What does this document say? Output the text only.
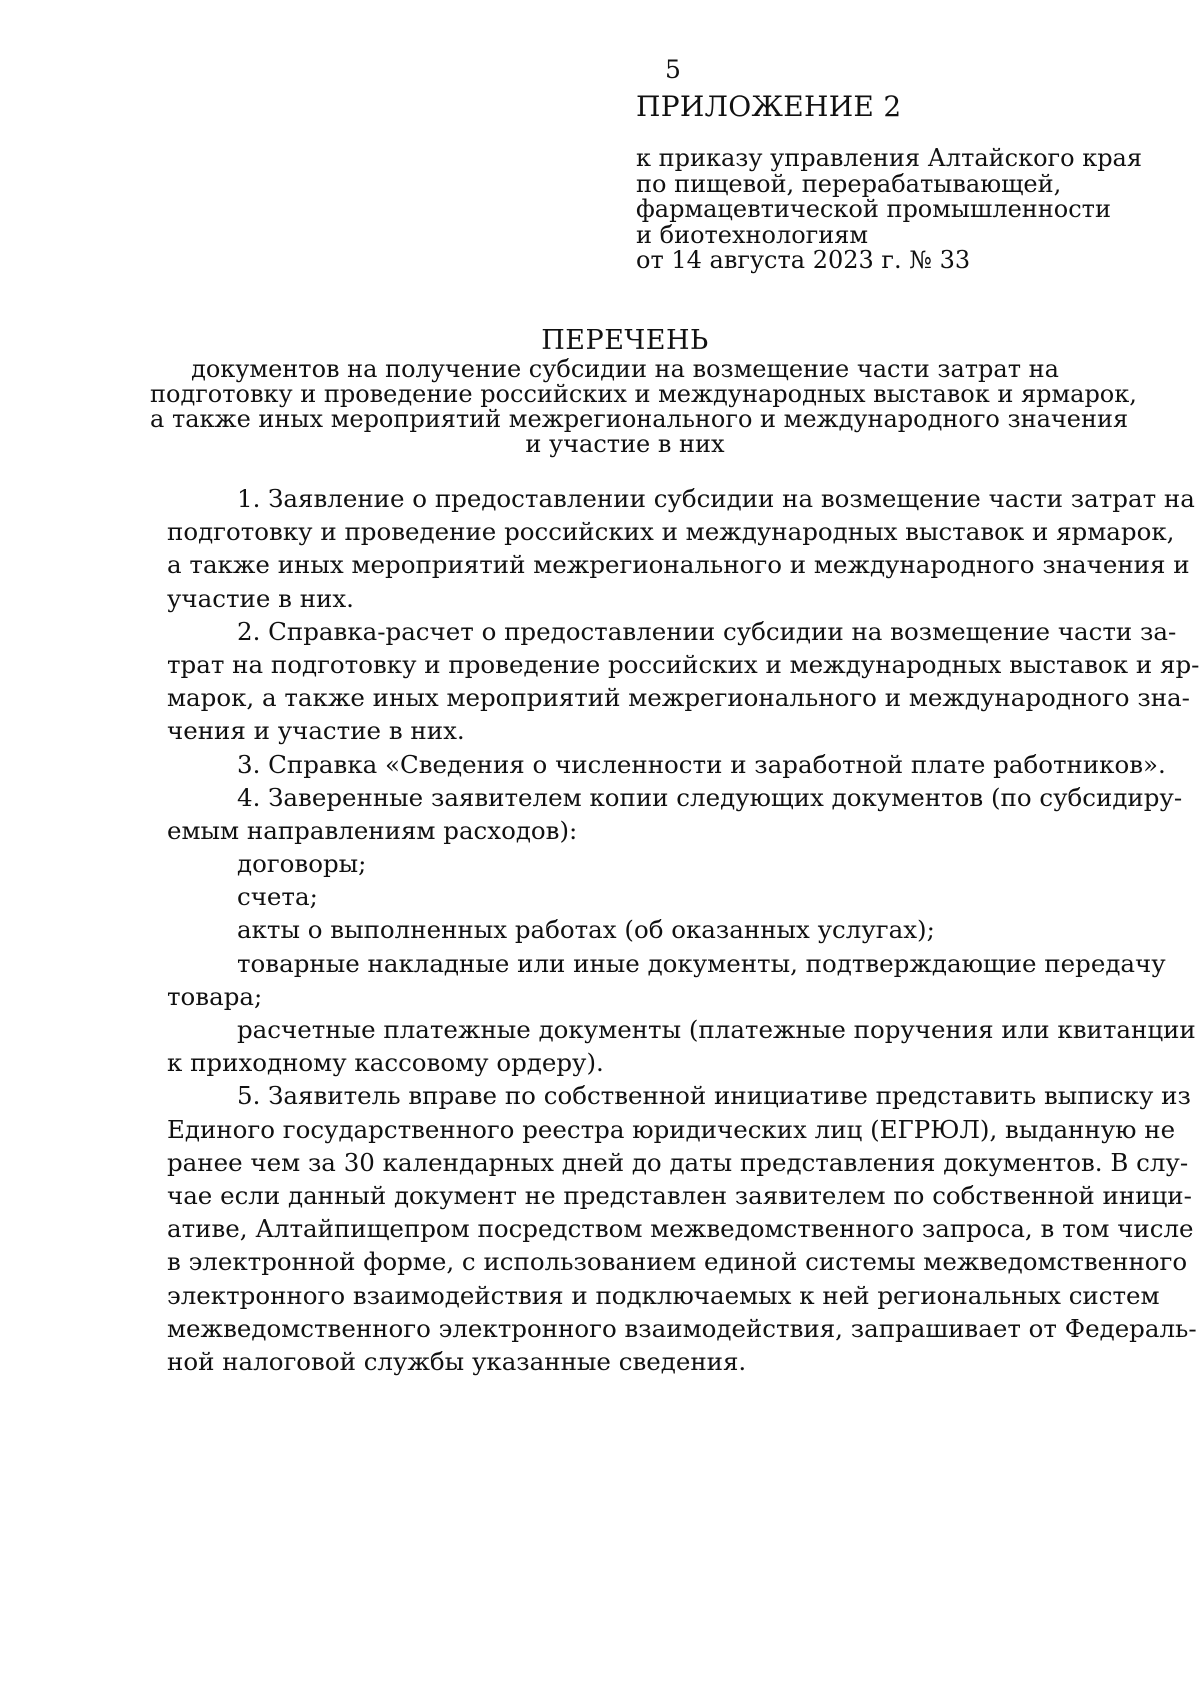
5
ПРИЛОЖЕНИЕ 2
к приказу управления Алтайского края
по пищевой, перерабатывающей,
фармацевтической промышленности
и биотехнологиям
от 14 августа 2023 г. № 33
ПЕРЕЧЕНЬ
документов на получение субсидии на возмещение части затрат на
подготовку и проведение российских и международных выставок и ярмарок,
а также иных мероприятий межрегионального и международного значения
и участие в них
1. Заявление о предоставлении субсидии на возмещение части затрат на
подготовку и проведение российских и международных выставок и ярмарок,
а также иных мероприятий межрегионального и международного значения и
участие в них.
2. Справка-расчет о предоставлении субсидии на возмещение части за-
трат на подготовку и проведение российских и международных выставок и яр-
марок, а также иных мероприятий межрегионального и международного зна-
чения и участие в них.
3. Справка «Сведения о численности и заработной плате работников».
4. Заверенные заявителем копии следующих документов (по субсидиру-
емым направлениям расходов):
договоры;
счета;
акты о выполненных работах (об оказанных услугах);
товарные накладные или иные документы, подтверждающие передачу
товара;
расчетные платежные документы (платежные поручения или квитанции
к приходному кассовому ордеру).
5. Заявитель вправе по собственной инициативе представить выписку из
Единого государственного реестра юридических лиц (ЕГРЮЛ), выданную не
ранее чем за 30 календарных дней до даты представления документов. В слу-
чае если данный документ не представлен заявителем по собственной иници-
ативе, Алтайпищепром посредством межведомственного запроса, в том числе
в электронной форме, с использованием единой системы межведомственного
электронного взаимодействия и подключаемых к ней региональных систем
межведомственного электронного взаимодействия, запрашивает от Федераль-
ной налоговой службы указанные сведения.
